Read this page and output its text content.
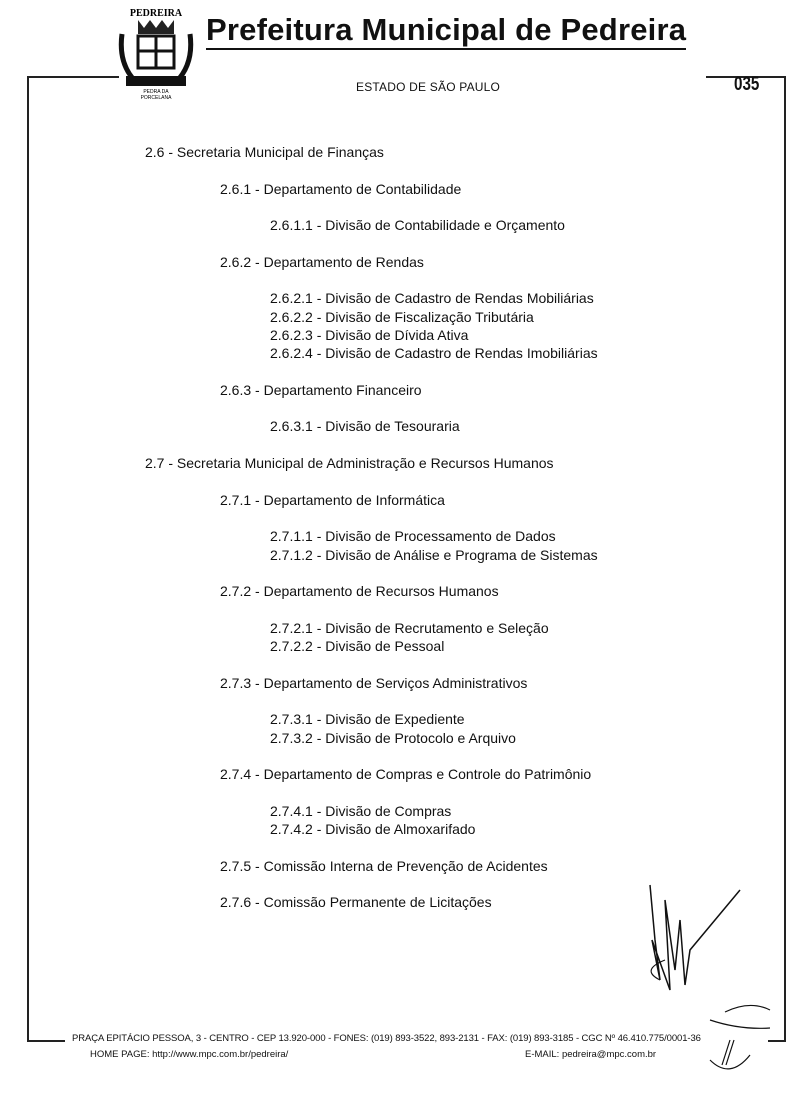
PEDREIRA
PEDRA DA
PORCELANA
Prefeitura Municipal de Pedreira
ESTADO DE SÃO PAULO	035
2.6 - Secretaria Municipal de Finanças
2.6.1 - Departamento de Contabilidade
2.6.1.1 - Divisão de Contabilidade e Orçamento
2.6.2 - Departamento de Rendas
2.6.2.1 - Divisão de Cadastro de Rendas Mobiliárias
2.6.2.2 - Divisão de Fiscalização Tributária
2.6.2.3 - Divisão de Dívida Ativa
2.6.2.4 - Divisão de Cadastro de Rendas Imobiliárias
2.6.3 - Departamento Financeiro
2.6.3.1 - Divisão de Tesouraria
2.7 - Secretaria Municipal de Administração e Recursos Humanos
2.7.1 - Departamento de Informática
2.7.1.1 - Divisão de Processamento de Dados
2.7.1.2 - Divisão de Análise e Programa de Sistemas
2.7.2 - Departamento de Recursos Humanos
2.7.2.1 - Divisão de Recrutamento e Seleção
2.7.2.2 - Divisão de Pessoal
2.7.3 - Departamento de Serviços Administrativos
2.7.3.1 - Divisão de Expediente
2.7.3.2 - Divisão de Protocolo e Arquivo
2.7.4 - Departamento de Compras e Controle do Patrimônio
2.7.4.1 - Divisão de Compras
2.7.4.2 - Divisão de Almoxarifado
2.7.5 - Comissão Interna de Prevenção de Acidentes
2.7.6 - Comissão Permanente de Licitações
PRAÇA EPITÁCIO PESSOA, 3 - CENTRO - CEP 13.920-000 - FONES: (019) 893-3522, 893-2131 - FAX: (019) 893-3185 - CGC Nº 46.410.775/0001-36
HOME PAGE: http://www.mpc.com.br/pedreira/	E-MAIL: pedreira@mpc.com.br
